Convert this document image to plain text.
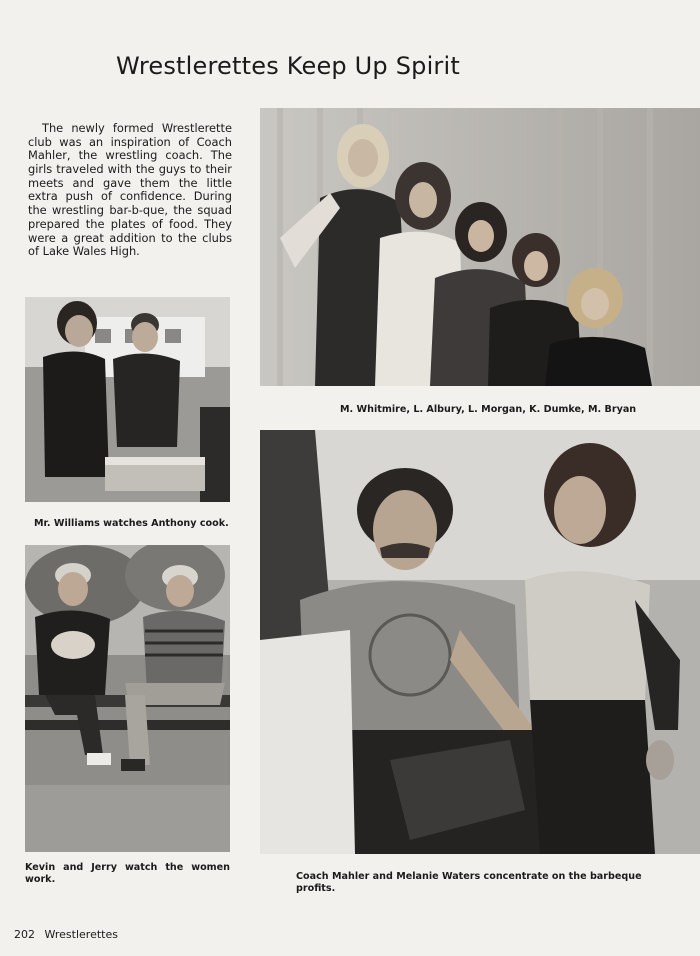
Wrestlerettes Keep Up Spirit

The newly formed Wrestlerette club was an inspiration of Coach Mahler, the wrestling coach. The girls traveled with the guys to their meets and gave them the little extra push of confidence. During the wrestling bar-b-que, the squad prepared the plates of food. They were a great addition to the clubs of Lake Wales High.

M. Whitmire, L. Albury, L. Morgan, K. Dumke, M. Bryan

Mr. Williams watches Anthony cook.

Kevin and Jerry watch the women work.	Coach Mahler and Melanie Waters concentrate on the barbeque profits.

202 Wrestlerettes
